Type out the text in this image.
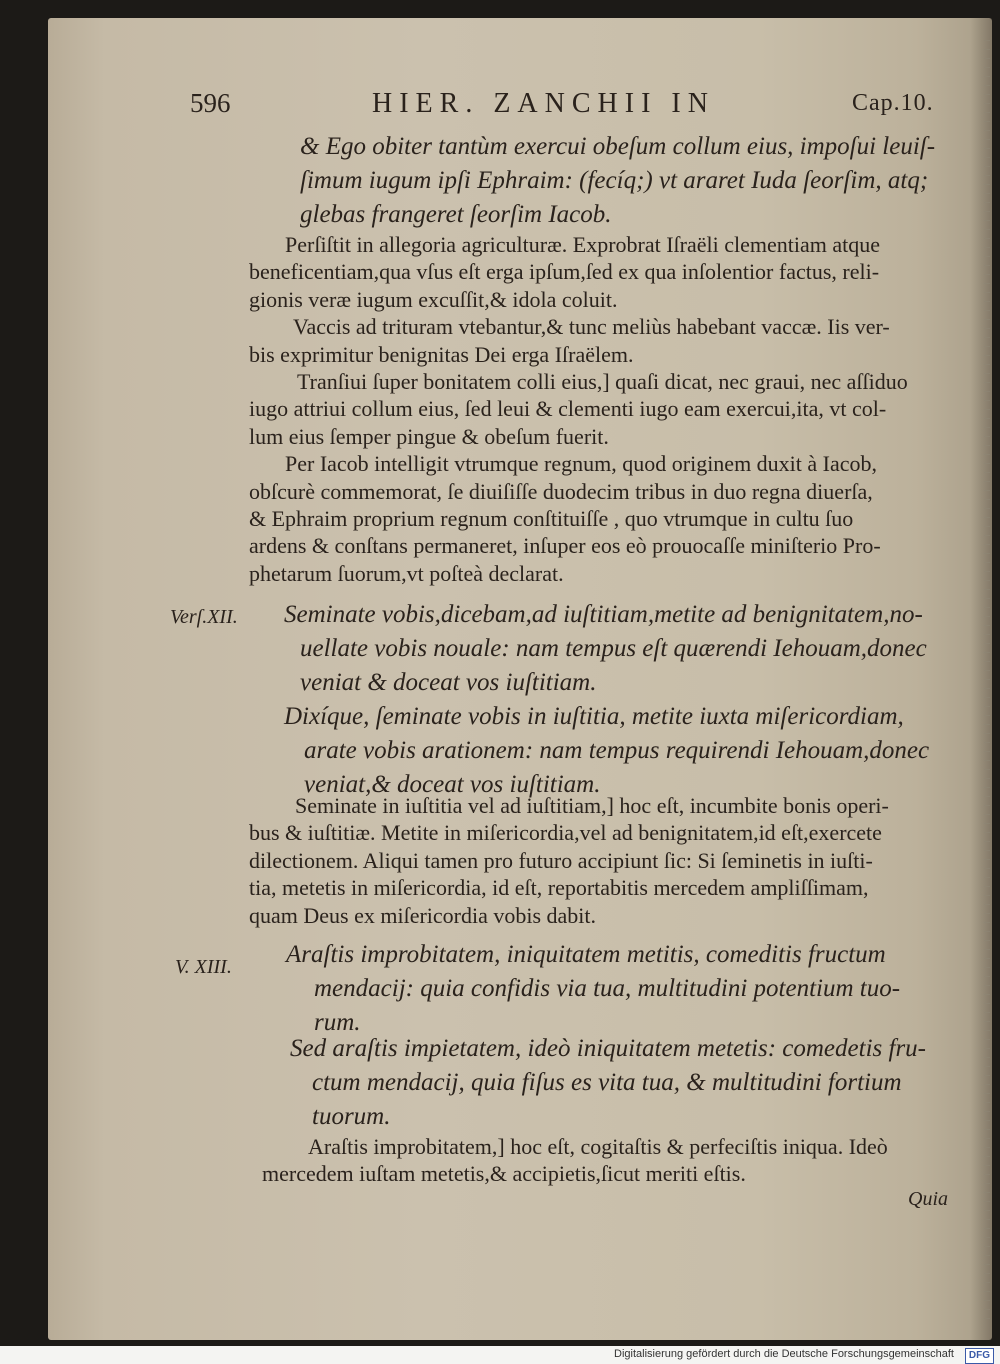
596	HIER. ZANCHII IN	Cap.10.
& Ego obiter tantùm exercui obeſum collum eius, impoſui leuiſ-
ſimum iugum ipſi Ephraim: (fecíq;) vt araret Iuda ſeorſim, atq;
glebas frangeret ſeorſim Iacob.
Perſiſtit in allegoria agriculturæ. Exprobrat Iſraëli clementiam atque
beneficentiam,qua vſus eſt erga ipſum,ſed ex qua inſolentior factus, reli-
gionis veræ iugum excuſſit,& idola coluit.
Vaccis ad trituram vtebantur,& tunc meliùs habebant vaccæ. Iis ver-
bis exprimitur benignitas Dei erga Iſraëlem.
Tranſiui ſuper bonitatem colli eius,] quaſi dicat, nec graui, nec aſſiduo
iugo attriui collum eius, ſed leui & clementi iugo eam exercui,ita, vt col-
lum eius ſemper pingue & obeſum fuerit.
Per Iacob intelligit vtrumque regnum, quod originem duxit à Iacob,
obſcurè commemorat, ſe diuiſiſſe duodecim tribus in duo regna diuerſa,
& Ephraim proprium regnum conſtituiſſe , quo vtrumque in cultu ſuo
ardens & conſtans permaneret, inſuper eos eò prouocaſſe miniſterio Pro-
phetarum ſuorum,vt poſteà declarat.
Verſ.XII. Seminate vobis,dicebam,ad iuſtitiam,metite ad benignitatem,no-
uellate vobis nouale: nam tempus eſt quærendi Iehouam,donec
veniat & doceat vos iuſtitiam.
Dixíque, ſeminate vobis in iuſtitia, metite iuxta miſericordiam,
arate vobis arationem: nam tempus requirendi Iehouam,donec
veniat,& doceat vos iuſtitiam.
Seminate in iuſtitia vel ad iuſtitiam,] hoc eſt, incumbite bonis operi-
bus & iuſtitiæ. Metite in miſericordia,vel ad benignitatem,id eſt,exercete
dilectionem. Aliqui tamen pro futuro accipiunt ſic: Si ſeminetis in iuſti-
tia, metetis in miſericordia, id eſt, reportabitis mercedem ampliſſimam,
quam Deus ex miſericordia vobis dabit.
V. XIII. Araſtis improbitatem, iniquitatem metitis, comeditis fructum
mendacij: quia confidis via tua, multitudini potentium tuo-
rum.
Sed araſtis impietatem, ideò iniquitatem metetis: comedetis fru-
ctum mendacij, quia fiſus es vita tua, & multitudini fortium
tuorum.
Araſtis improbitatem,] hoc eſt, cogitaſtis & perfeciſtis iniqua. Ideò
mercedem iuſtam metetis,& accipietis,ſicut meriti eſtis.
Quia
Digitalisierung gefördert durch die Deutsche Forschungsgemeinschaft	DFG
